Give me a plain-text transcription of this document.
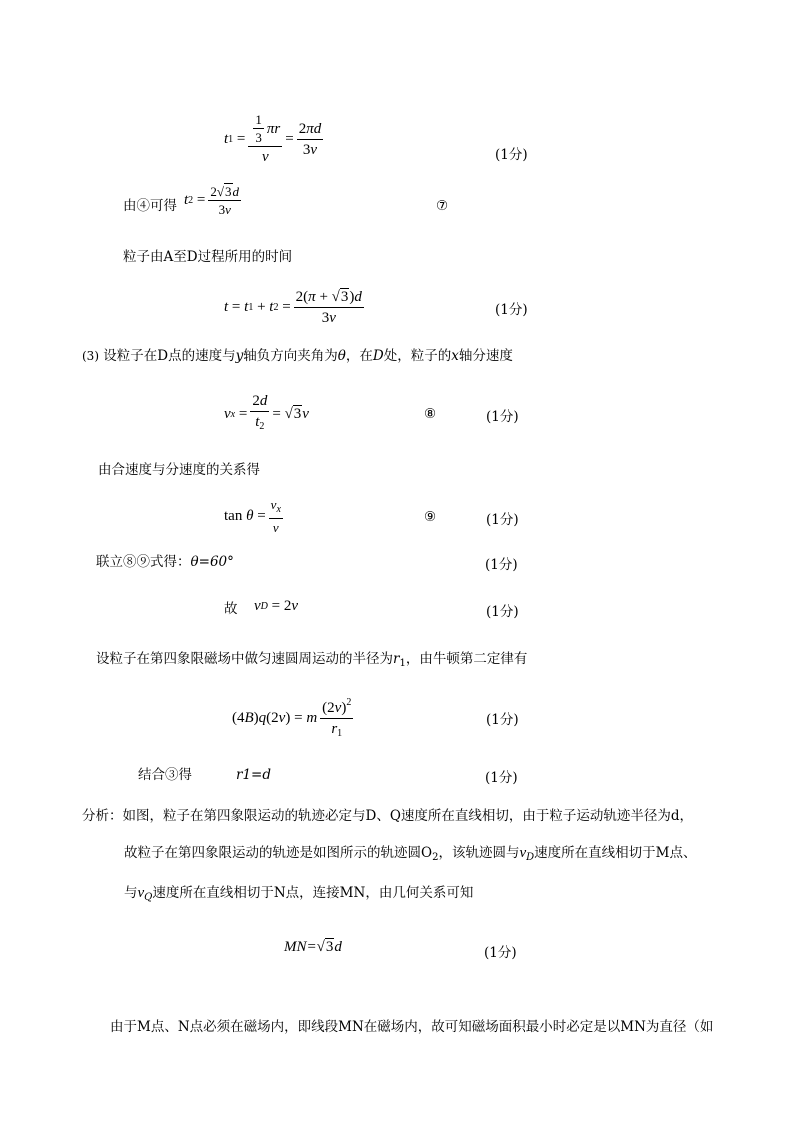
t $1 = \frac{\frac{1}{3} \pi r}{v} = \frac{2\pi d}{3v}$	(1分)
由④可得 t $2 = \frac{2√3d}{3v}$	⑦
粒子由A至D过程所用的时间
t = t 1 + t $2 = \frac{2(\pi + √3)d}{3v}$	(1分)
(3) 设粒子在D点的速度与y轴负方向夹角为θ，在D处，粒子的x轴分速度
v $x = \frac{2d}{t_2} = √3$ v	⑧	(1分)
由合速度与分速度的关系得
$\tan \theta = \frac{v_x}{v}$	⑨	(1分)
联立⑧⑨式得：θ=60°	(1分)
故 v D = 2 v	(1分)
设粒子在第四象限磁场中做匀速圆周运动的半径为$r_1$，由牛顿第二定律有
(4 B ) q (2 v ) = m $\frac{(2v)^2}{r_1}$	(1分)
结合③得	r1=d	(1分)
分析：如图，粒子在第四象限运动的轨迹必定与D、Q速度所在直线相切，由于粒子运动轨迹半径为d，
故粒子在第四象限运动的轨迹是如图所示的轨迹圆$O_2$，该轨迹圆与$v_D$速度所在直线相切于M点、
与$v_Q$速度所在直线相切于N点，连接MN，由几何关系可知
MN= √3 d	(1分)
由于M点、N点必须在磁场内，即线段MN在磁场内，故可知磁场面积最小时必定是以MN为直径（如
